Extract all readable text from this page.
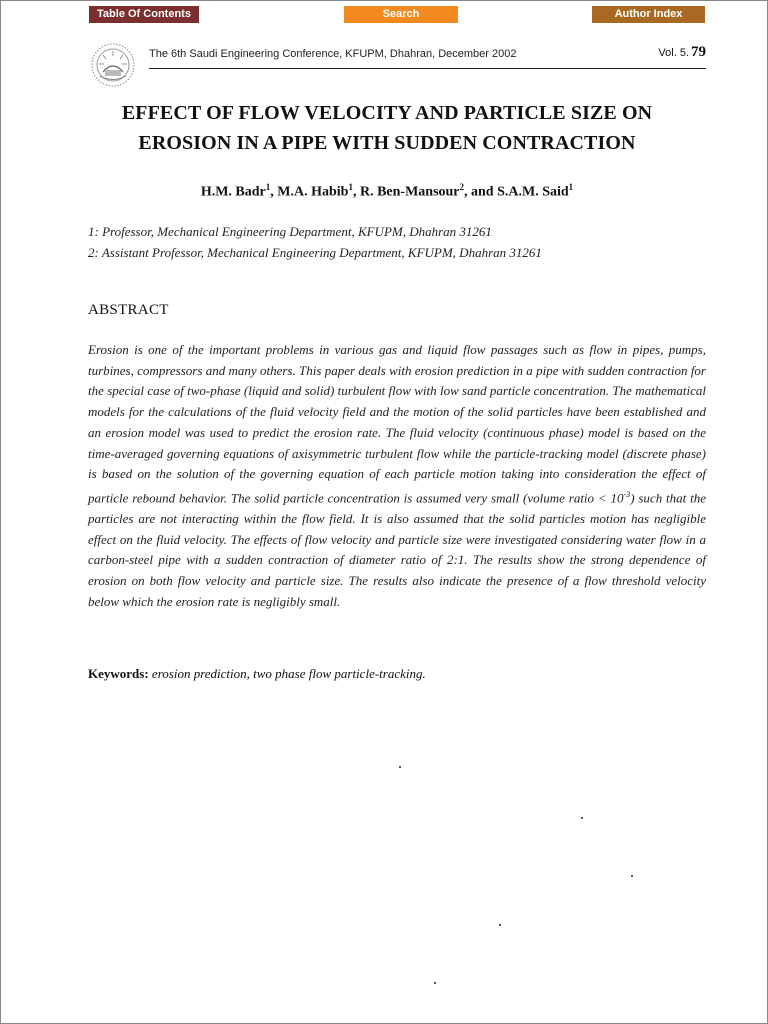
Table Of Contents	Search	Author Index
The 6th Saudi Engineering Conference, KFUPM, Dhahran, December 2002	Vol. 5. 79
EFFECT OF FLOW VELOCITY AND PARTICLE SIZE ON
EROSION IN A PIPE WITH SUDDEN CONTRACTION
H.M. Badr$^1$, M.A. Habib$^1$, R. Ben-Mansour$^2$, and S.A.M. Said$^1$
1: Professor, Mechanical Engineering Department, KFUPM, Dhahran 31261
2: Assistant Professor, Mechanical Engineering Department, KFUPM, Dhahran 31261
ABSTRACT
Erosion is one of the important problems in various gas and liquid flow passages such as flow in pipes, pumps, turbines, compressors and many others. This paper deals with erosion prediction in a pipe with sudden contraction for the special case of two-phase (liquid and solid) turbulent flow with low sand particle concentration. The mathematical models for the calculations of the fluid velocity field and the motion of the solid particles have been established and an erosion model was used to predict the erosion rate. The fluid velocity (continuous phase) model is based on the time-averaged governing equations of axisymmetric turbulent flow while the particle-tracking model (discrete phase) is based on the solution of the governing equation of each particle motion taking into consideration the effect of particle rebound behavior. The solid particle concentration is assumed very small (volume ratio < $10^{-3}$) such that the particles are not interacting within the flow field. It is also assumed that the solid particles motion has negligible effect on the fluid velocity. The effects of flow velocity and particle size were investigated considering water flow in a carbon-steel pipe with a sudden contraction of diameter ratio of 2:1. The results show the strong dependence of erosion on both flow velocity and particle size. The results also indicate the presence of a flow threshold velocity below which the erosion rate is negligibly small.
Keywords: erosion prediction, two phase flow particle-tracking.
